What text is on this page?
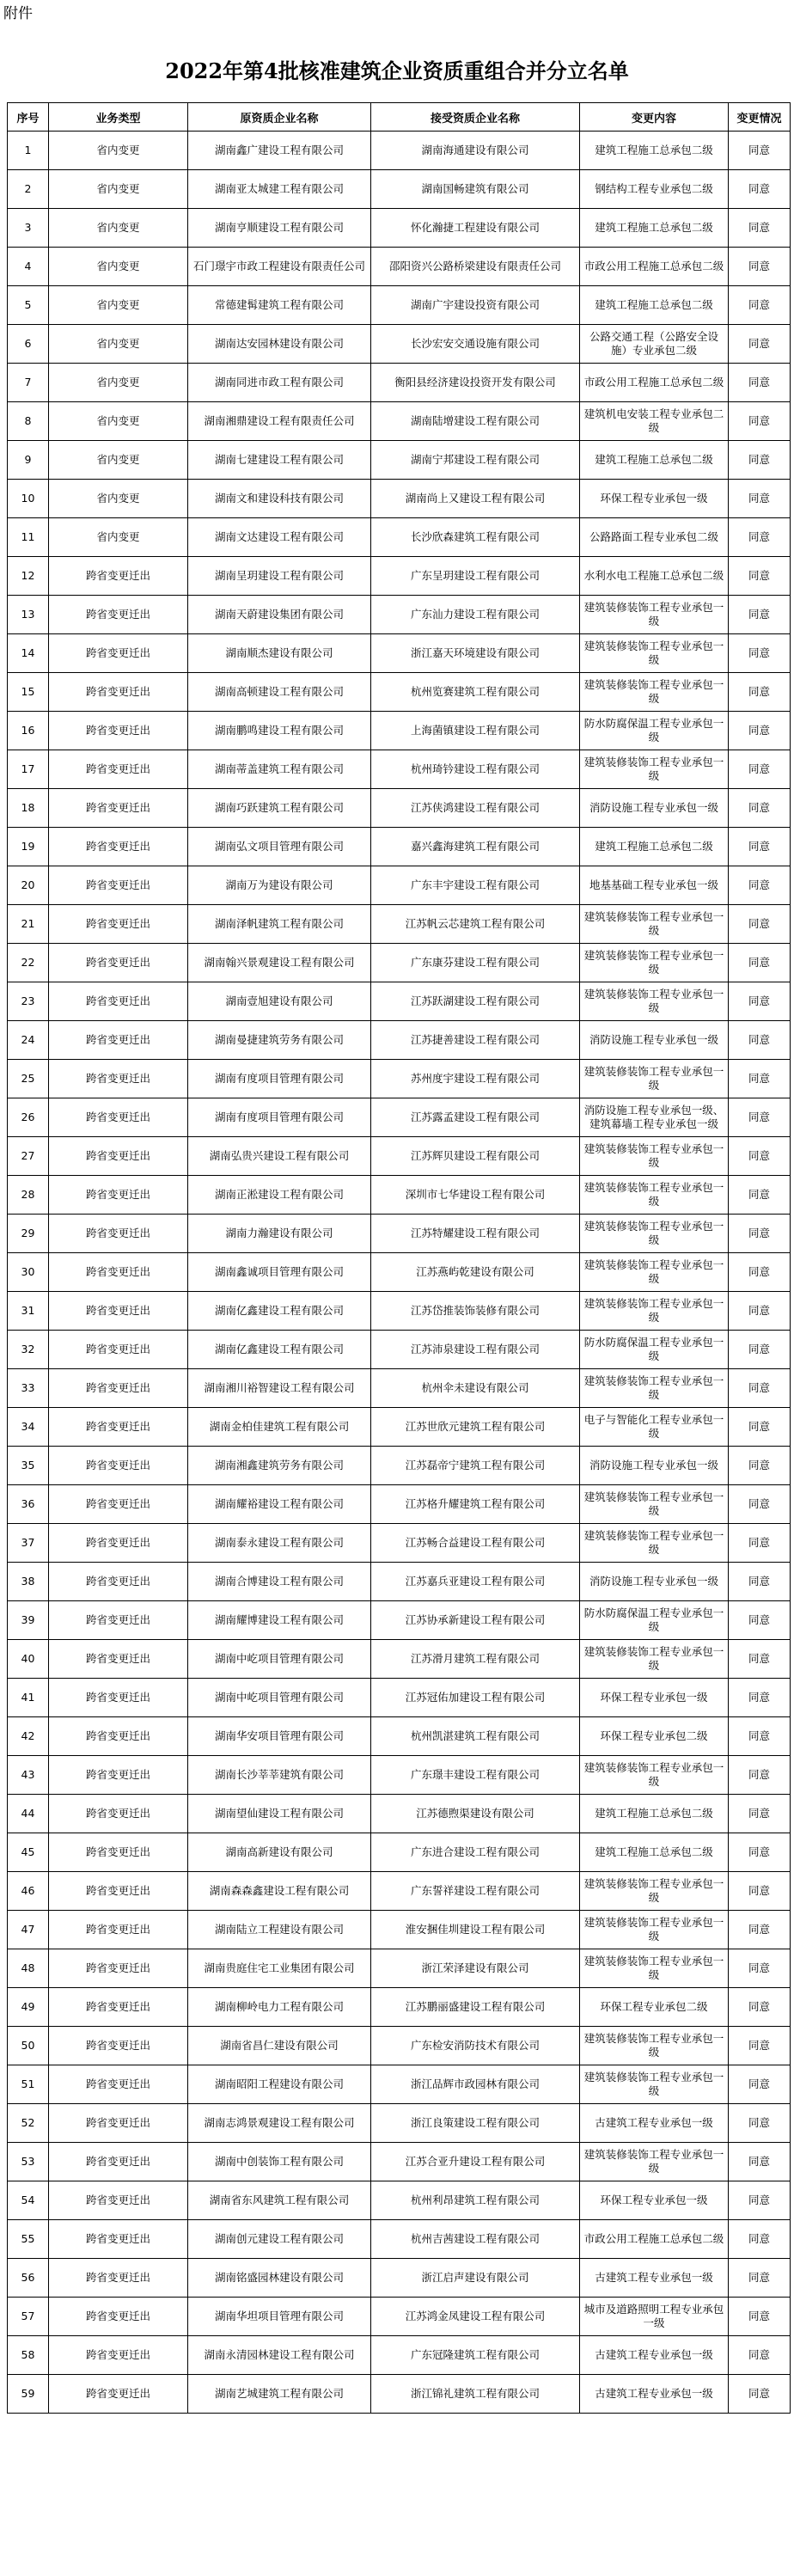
附件
2022年第4批核准建筑企业资质重组合并分立名单
序号	业务类型	原资质企业名称	接受资质企业名称	变更内容	变更情况
1	省内变更	湖南鑫广建设工程有限公司	湖南海通建设有限公司	建筑工程施工总承包二级	同意
2	省内变更	湖南亚太城建工程有限公司	湖南国畅建筑有限公司	钢结构工程专业承包二级	同意
3	省内变更	湖南亨顺建设工程有限公司	怀化瀚捷工程建设有限公司	建筑工程施工总承包二级	同意
4	省内变更	石门璟宇市政工程建设有限责任公司	邵阳资兴公路桥梁建设有限责任公司	市政公用工程施工总承包二级	同意
5	省内变更	常德建髯建筑工程有限公司	湖南广宇建设投资有限公司	建筑工程施工总承包二级	同意
6	省内变更	湖南达安园林建设有限公司	长沙宏安交通设施有限公司	公路交通工程（公路安全设施）专业承包二级	同意
7	省内变更	湖南同进市政工程有限公司	衡阳县经济建设投资开发有限公司	市政公用工程施工总承包二级	同意
8	省内变更	湖南湘鼎建设工程有限责任公司	湖南陆增建设工程有限公司	建筑机电安装工程专业承包二级	同意
9	省内变更	湖南七建建设工程有限公司	湖南宁邦建设工程有限公司	建筑工程施工总承包二级	同意
10	省内变更	湖南文和建设科技有限公司	湖南尚上又建设工程有限公司	环保工程专业承包一级	同意
11	省内变更	湖南文达建设工程有限公司	长沙欣森建筑工程有限公司	公路路面工程专业承包二级	同意
12	跨省变更迁出	湖南呈玥建设工程有限公司	广东呈玥建设工程有限公司	水利水电工程施工总承包二级	同意
13	跨省变更迁出	湖南天蔚建设集团有限公司	广东汕力建设工程有限公司	建筑装修装饰工程专业承包一级	同意
14	跨省变更迁出	湖南顺杰建设有限公司	浙江嘉天环境建设有限公司	建筑装修装饰工程专业承包一级	同意
15	跨省变更迁出	湖南高顿建设工程有限公司	杭州览赛建筑工程有限公司	建筑装修装饰工程专业承包一级	同意
16	跨省变更迁出	湖南鹏鸣建设工程有限公司	上海菌镇建设工程有限公司	防水防腐保温工程专业承包一级	同意
17	跨省变更迁出	湖南蒂盖建筑工程有限公司	杭州琦钤建设工程有限公司	建筑装修装饰工程专业承包一级	同意
18	跨省变更迁出	湖南巧跃建筑工程有限公司	江苏侠鸿建设工程有限公司	消防设施工程专业承包一级	同意
19	跨省变更迁出	湖南弘文项目管理有限公司	嘉兴鑫海建筑工程有限公司	建筑工程施工总承包二级	同意
20	跨省变更迁出	湖南万为建设有限公司	广东丰宇建设工程有限公司	地基基础工程专业承包一级	同意
21	跨省变更迁出	湖南泽帆建筑工程有限公司	江苏帆云芯建筑工程有限公司	建筑装修装饰工程专业承包一级	同意
22	跨省变更迁出	湖南翰兴景观建设工程有限公司	广东康芬建设工程有限公司	建筑装修装饰工程专业承包一级	同意
23	跨省变更迁出	湖南壹旭建设有限公司	江苏跃湖建设工程有限公司	建筑装修装饰工程专业承包一级	同意
24	跨省变更迁出	湖南曼捷建筑劳务有限公司	江苏捷善建设工程有限公司	消防设施工程专业承包一级	同意
25	跨省变更迁出	湖南有度项目管理有限公司	苏州度宇建设工程有限公司	建筑装修装饰工程专业承包一级	同意
26	跨省变更迁出	湖南有度项目管理有限公司	江苏露孟建设工程有限公司	消防设施工程专业承包一级、建筑幕墙工程专业承包一级	同意
27	跨省变更迁出	湖南弘贵兴建设工程有限公司	江苏辉贝建设工程有限公司	建筑装修装饰工程专业承包一级	同意
28	跨省变更迁出	湖南正淞建设工程有限公司	深圳市七华建设工程有限公司	建筑装修装饰工程专业承包一级	同意
29	跨省变更迁出	湖南力瀚建设有限公司	江苏特耀建设工程有限公司	建筑装修装饰工程专业承包一级	同意
30	跨省变更迁出	湖南鑫诚项目管理有限公司	江苏燕屿乾建设有限公司	建筑装修装饰工程专业承包一级	同意
31	跨省变更迁出	湖南亿鑫建设工程有限公司	江苏岱推装饰装修有限公司	建筑装修装饰工程专业承包一级	同意
32	跨省变更迁出	湖南亿鑫建设工程有限公司	江苏沛泉建设工程有限公司	防水防腐保温工程专业承包一级	同意
33	跨省变更迁出	湖南湘川裕智建设工程有限公司	杭州伞未建设有限公司	建筑装修装饰工程专业承包一级	同意
34	跨省变更迁出	湖南金柏佳建筑工程有限公司	江苏世欣元建筑工程有限公司	电子与智能化工程专业承包一级	同意
35	跨省变更迁出	湖南湘鑫建筑劳务有限公司	江苏磊帝宁建筑工程有限公司	消防设施工程专业承包一级	同意
36	跨省变更迁出	湖南耀裕建设工程有限公司	江苏格升耀建筑工程有限公司	建筑装修装饰工程专业承包一级	同意
37	跨省变更迁出	湖南泰永建设工程有限公司	江苏畅合益建设工程有限公司	建筑装修装饰工程专业承包一级	同意
38	跨省变更迁出	湖南合博建设工程有限公司	江苏嘉兵亚建设工程有限公司	消防设施工程专业承包一级	同意
39	跨省变更迁出	湖南耀博建设工程有限公司	江苏协承新建设工程有限公司	防水防腐保温工程专业承包一级	同意
40	跨省变更迁出	湖南中屹项目管理有限公司	江苏滑月建筑工程有限公司	建筑装修装饰工程专业承包一级	同意
41	跨省变更迁出	湖南中屹项目管理有限公司	江苏冠佑加建设工程有限公司	环保工程专业承包一级	同意
42	跨省变更迁出	湖南华安项目管理有限公司	杭州凯湛建筑工程有限公司	环保工程专业承包二级	同意
43	跨省变更迁出	湖南长沙莘莘建筑有限公司	广东璟丰建设工程有限公司	建筑装修装饰工程专业承包一级	同意
44	跨省变更迁出	湖南望仙建设工程有限公司	江苏德煦渠建设有限公司	建筑工程施工总承包二级	同意
45	跨省变更迁出	湖南高新建设有限公司	广东进合建设工程有限公司	建筑工程施工总承包二级	同意
46	跨省变更迁出	湖南森森鑫建设工程有限公司	广东誓祥建设工程有限公司	建筑装修装饰工程专业承包一级	同意
47	跨省变更迁出	湖南陆立工程建设有限公司	淮安捆佳圳建设工程有限公司	建筑装修装饰工程专业承包一级	同意
48	跨省变更迁出	湖南贵庭住宅工业集团有限公司	浙江荣泽建设有限公司	建筑装修装饰工程专业承包一级	同意
49	跨省变更迁出	湖南柳岭电力工程有限公司	江苏鹏丽盛建设工程有限公司	环保工程专业承包二级	同意
50	跨省变更迁出	湖南省昌仁建设有限公司	广东检安消防技术有限公司	建筑装修装饰工程专业承包一级	同意
51	跨省变更迁出	湖南昭阳工程建设有限公司	浙江品辉市政园林有限公司	建筑装修装饰工程专业承包一级	同意
52	跨省变更迁出	湖南志鸿景观建设工程有限公司	浙江良策建设工程有限公司	古建筑工程专业承包一级	同意
53	跨省变更迁出	湖南中创装饰工程有限公司	江苏合亚升建设工程有限公司	建筑装修装饰工程专业承包一级	同意
54	跨省变更迁出	湖南省东风建筑工程有限公司	杭州利昂建筑工程有限公司	环保工程专业承包一级	同意
55	跨省变更迁出	湖南创元建设工程有限公司	杭州吉茜建设工程有限公司	市政公用工程施工总承包二级	同意
56	跨省变更迁出	湖南铭盛园林建设有限公司	浙江启声建设有限公司	古建筑工程专业承包一级	同意
57	跨省变更迁出	湖南华坦项目管理有限公司	江苏鸿金凤建设工程有限公司	城市及道路照明工程专业承包一级	同意
58	跨省变更迁出	湖南永清园林建设工程有限公司	广东冠隆建筑工程有限公司	古建筑工程专业承包一级	同意
59	跨省变更迁出	湖南艺城建筑工程有限公司	浙江锦礼建筑工程有限公司	古建筑工程专业承包一级	同意
